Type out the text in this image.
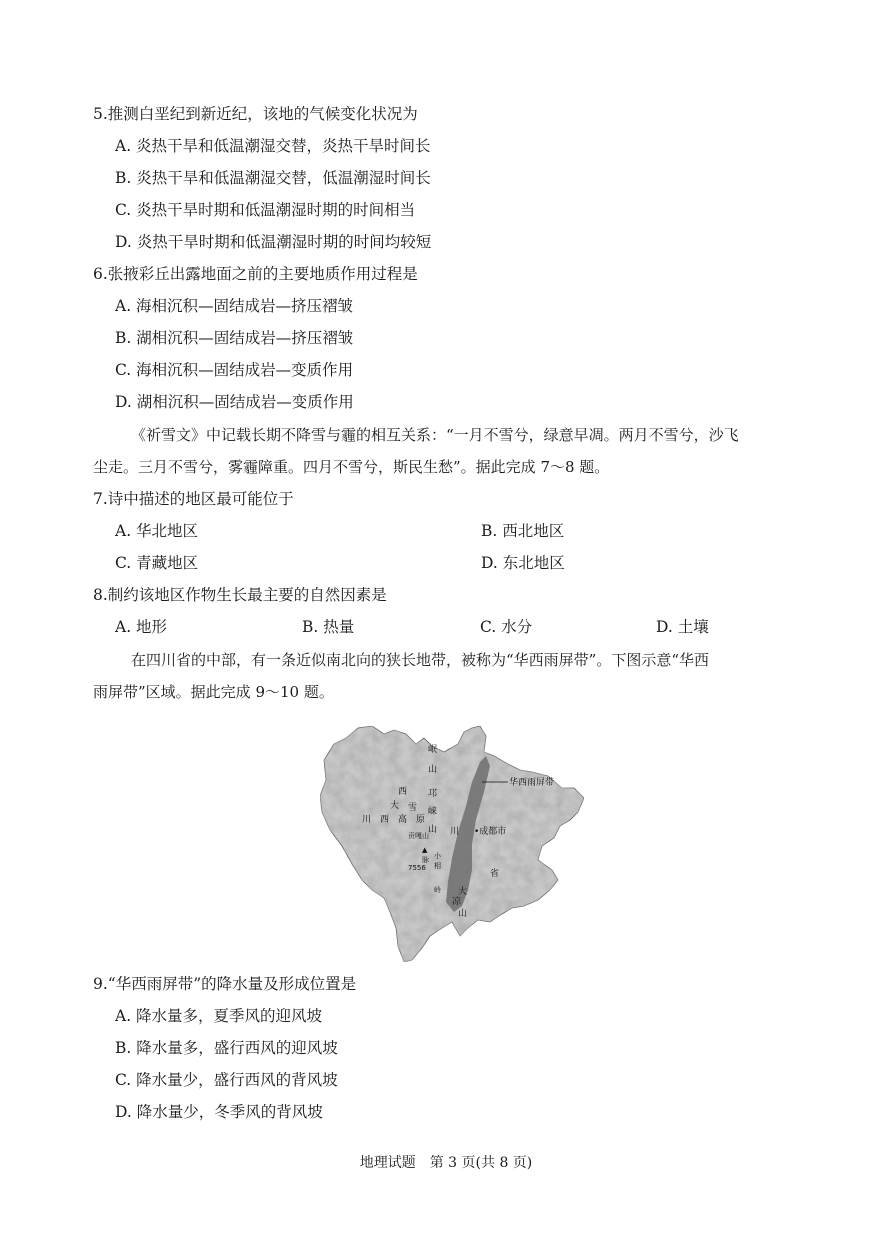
5.推测白垩纪到新近纪，该地的气候变化状况为
A. 炎热干旱和低温潮湿交替，炎热干旱时间长
B. 炎热干旱和低温潮湿交替，低温潮湿时间长
C. 炎热干旱时期和低温潮湿时期的时间相当
D. 炎热干旱时期和低温潮湿时期的时间均较短
6.张掖彩丘出露地面之前的主要地质作用过程是
A. 海相沉积—固结成岩—挤压褶皱
B. 湖相沉积—固结成岩—挤压褶皱
C. 海相沉积—固结成岩—变质作用
D. 湖相沉积—固结成岩—变质作用
《祈雪文》中记载长期不降雪与霾的相互关系：“一月不雪兮，绿意早凋。两月不雪兮，沙飞
尘走。三月不雪兮，雾霾障重。四月不雪兮，斯民生愁”。据此完成 7～8 题。
7.诗中描述的地区最可能位于
A. 华北地区	B. 西北地区
C. 青藏地区	D. 东北地区
8.制约该地区作物生长最主要的自然因素是
A. 地形	B. 热量	C. 水分	D. 土壤
在四川省的中部，有一条近似南北向的狭长地带，被称为“华西雨屏带”。下图示意“华西
雨屏带”区域。据此完成 9～10 题。
华西雨屏带
岷
山
西 邛
大 雪 崃
川 西 高 原
山 川 •成都市
省
贡嘎山
▲
7556
小
相
岭 大
凉
山
脉
9.“华西雨屏带”的降水量及形成位置是
A. 降水量多，夏季风的迎风坡
B. 降水量多，盛行西风的迎风坡
C. 降水量少，盛行西风的背风坡
D. 降水量少，冬季风的背风坡
地理试题　第 3 页(共 8 页)
